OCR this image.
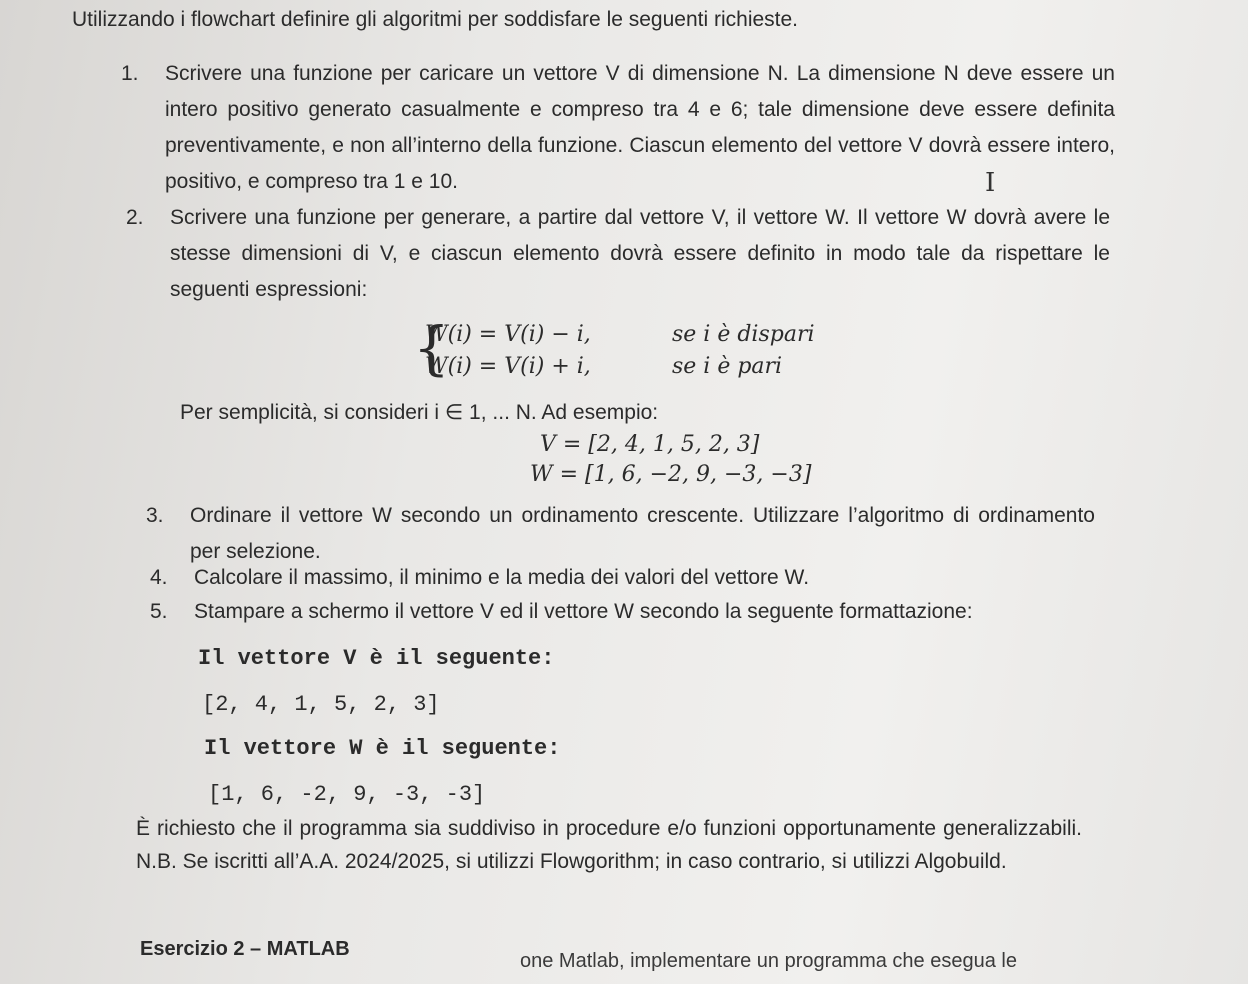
Utilizzando i flowchart definire gli algoritmi per soddisfare le seguenti richieste.
1. Scrivere una funzione per caricare un vettore V di dimensione N. La dimensione N deve essere un intero positivo generato casualmente e compreso tra 4 e 6; tale dimensione deve essere definita preventivamente, e non all’interno della funzione. Ciascun elemento del vettore V dovrà essere intero, positivo, e compreso tra 1 e 10.	I
2. Scrivere una funzione per generare, a partire dal vettore V, il vettore W. Il vettore W dovrà avere le stesse dimensioni di V, e ciascun elemento dovrà essere definito in modo tale da rispettare le seguenti espressioni:

{
W(i) = V(i) − i,	se i è dispari
W(i) = V(i) + i,	se i è pari
Per semplicità, si consideri i ∈ 1, ... N. Ad esempio:
V = [2, 4, 1, 5, 2, 3]
W = [1, 6, −2, 9, −3, −3]
3. Ordinare il vettore W secondo un ordinamento crescente. Utilizzare l’algoritmo di ordinamento per selezione.

4. Calcolare il massimo, il minimo e la media dei valori del vettore W.

5. Stampare a schermo il vettore V ed il vettore W secondo la seguente formattazione:

Il vettore V è il seguente:
[2, 4, 1, 5, 2, 3]
Il vettore W è il seguente:
[1, 6, -2, 9, -3, -3]
È richiesto che il programma sia suddiviso in procedure e/o funzioni opportunamente generalizzabili. N.B. Se iscritti all’A.A. 2024/2025, si utilizzi Flowgorithm; in caso contrario, si utilizzi Algobuild.
Esercizio 2 – MATLAB
one Matlab, implementare un programma che esegua le
